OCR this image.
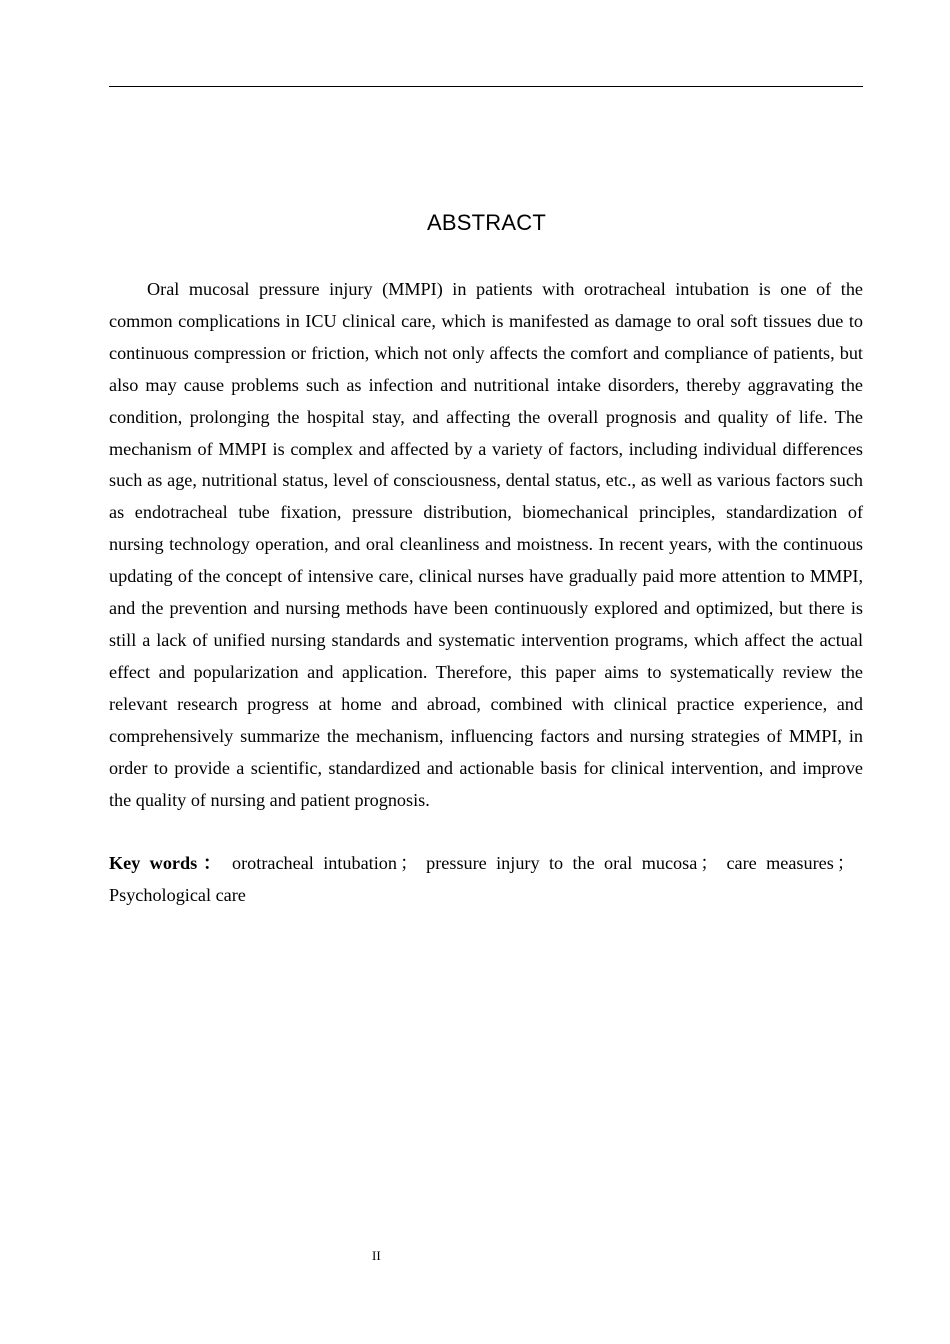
ABSTRACT

Oral mucosal pressure injury (MMPI) in patients with orotracheal intubation is one of the common complications in ICU clinical care, which is manifested as damage to oral soft tissues due to continuous compression or friction, which not only affects the comfort and compliance of patients, but also may cause problems such as infection and nutritional intake disorders, thereby aggravating the condition, prolonging the hospital stay, and affecting the overall prognosis and quality of life. The mechanism of MMPI is complex and affected by a variety of factors, including individual differences such as age, nutritional status, level of consciousness, dental status, etc., as well as various factors such as endotracheal tube fixation, pressure distribution, biomechanical principles, standardization of nursing technology operation, and oral cleanliness and moistness. In recent years, with the continuous updating of the concept of intensive care, clinical nurses have gradually paid more attention to MMPI, and the prevention and nursing methods have been continuously explored and optimized, but there is still a lack of unified nursing standards and systematic intervention programs, which affect the actual effect and popularization and application. Therefore, this paper aims to systematically review the relevant research progress at home and abroad, combined with clinical practice experience, and comprehensively summarize the mechanism, influencing factors and nursing strategies of MMPI, in order to provide a scientific, standardized and actionable basis for clinical intervention, and improve the quality of nursing and patient prognosis.

Key words： orotracheal intubation ； pressure injury to the oral mucosa ； care measures ； Psychological care

II
